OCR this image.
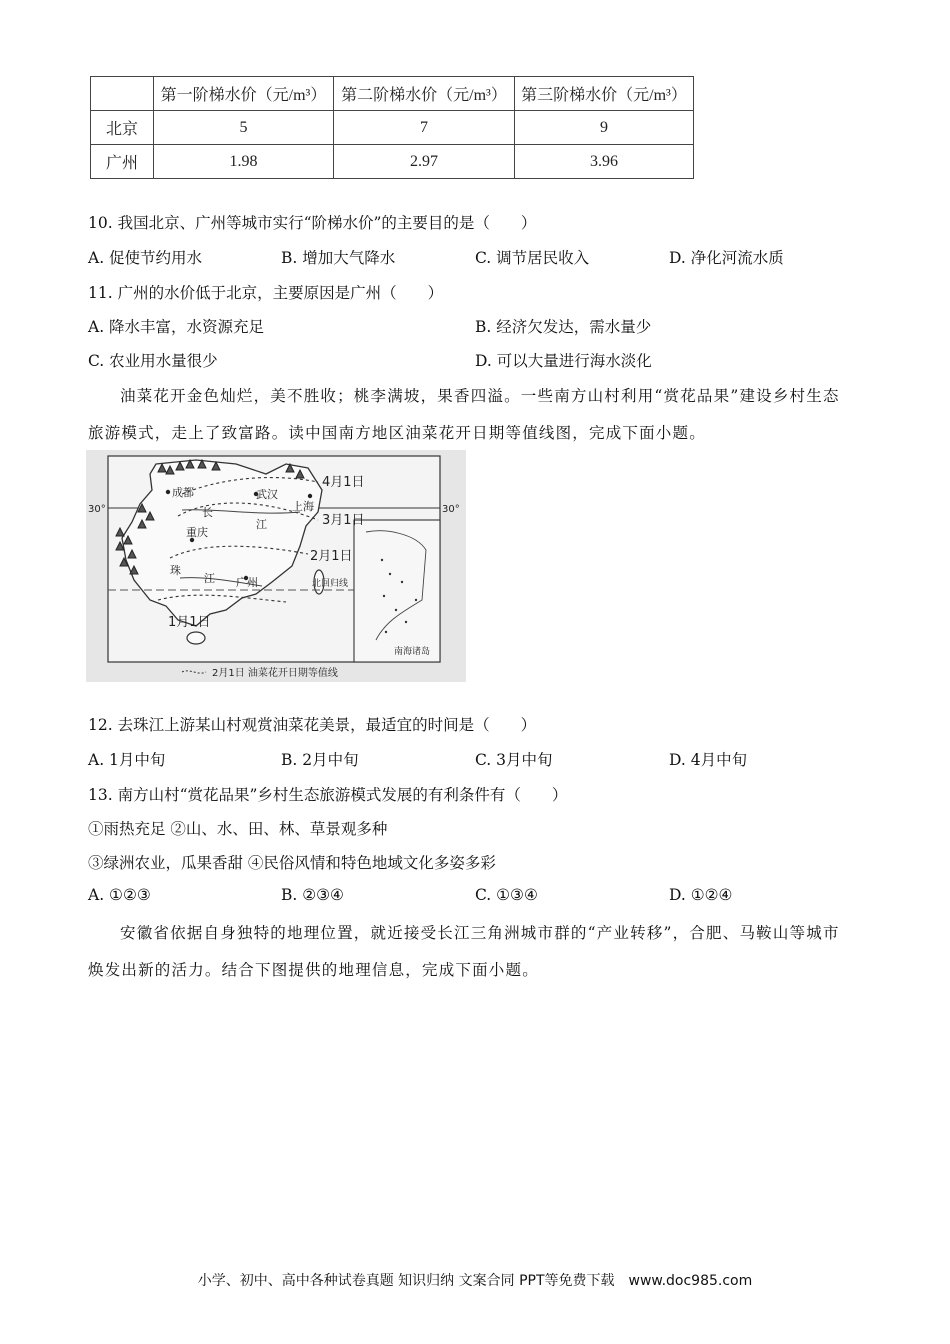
	第一阶梯水价（元/m³）	第二阶梯水价（元/m³）	第三阶梯水价（元/m³）
北京	5	7	9
广州	1.98	2.97	3.96
10. 我国北京、广州等城市实行“阶梯水价”的主要目的是（　　）
A. 促使节约用水	B. 增加大气降水	C. 调节居民收入	D. 净化河流水质
11. 广州的水价低于北京，主要原因是广州（　　）
A. 降水丰富，水资源充足	B. 经济欠发达，需水量少
C. 农业用水量很少	D. 可以大量进行海水淡化
油菜花开金色灿烂，美不胜收；桃李满坡，果香四溢。一些南方山村利用“赏花品果”建设乡村生态
旅游模式，走上了致富路。读中国南方地区油菜花开日期等值线图，完成下面小题。
30°	30°
4月1日
3月1日
2月1日
1月1日
成都	武汉
上海
重庆
广州
长
江
珠
江	北回归线
南海诸岛
2月1日 油菜花开日期等值线
12. 去珠江上游某山村观赏油菜花美景，最适宜的时间是（　　）
A. 1月中旬	B. 2月中旬	C. 3月中旬	D. 4月中旬
13. 南方山村“赏花品果”乡村生态旅游模式发展的有利条件有（　　）
①雨热充足 ②山、水、田、林、草景观多种
③绿洲农业，瓜果香甜 ④民俗风情和特色地域文化多姿多彩
A. ①②③	B. ②③④	C. ①③④	D. ①②④
安徽省依据自身独特的地理位置，就近接受长江三角洲城市群的“产业转移”，合肥、马鞍山等城市
焕发出新的活力。结合下图提供的地理信息，完成下面小题。
小学、初中、高中各种试卷真题 知识归纳 文案合同 PPT等免费下载　www.doc985.com
